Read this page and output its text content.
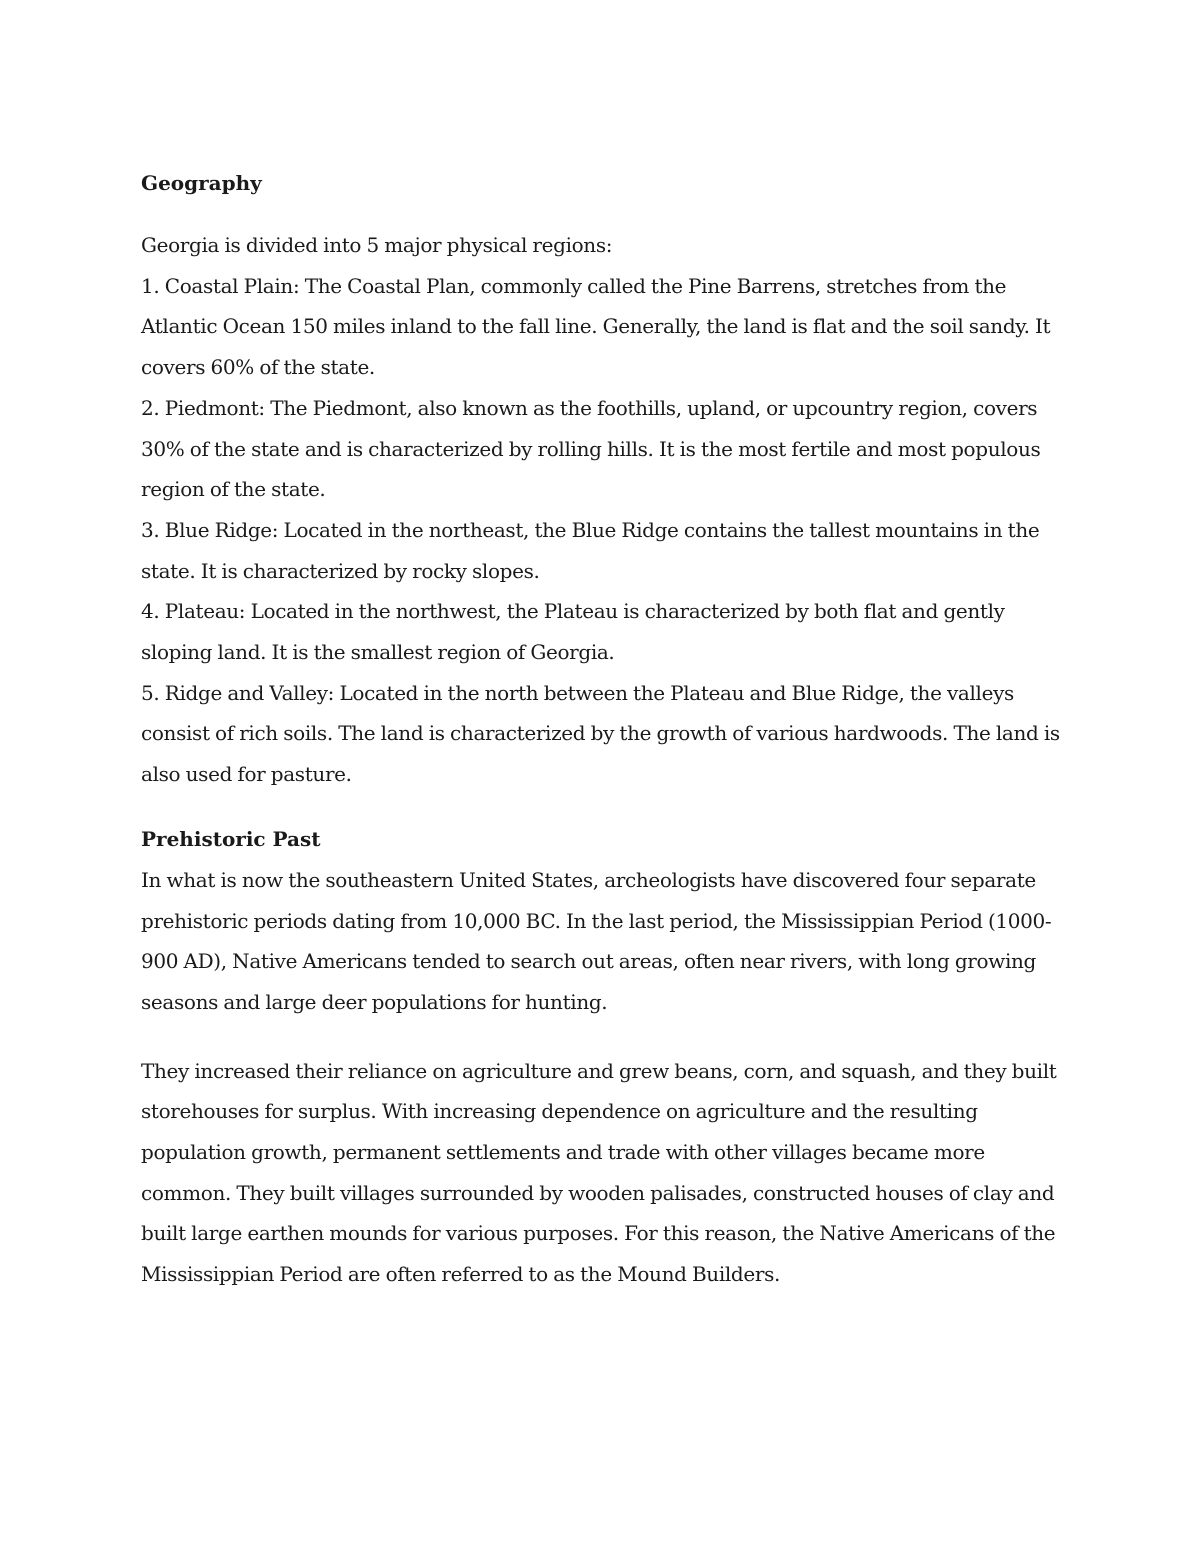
Geography

Georgia is divided into 5 major physical regions:

1. Coastal Plain: The Coastal Plan, commonly called the Pine Barrens, stretches from the Atlantic Ocean 150 miles inland to the fall line. Generally, the land is flat and the soil sandy. It covers 60% of the state.

2. Piedmont: The Piedmont, also known as the foothills, upland, or upcountry region, covers 30% of the state and is characterized by rolling hills. It is the most fertile and most populous region of the state.

3. Blue Ridge: Located in the northeast, the Blue Ridge contains the tallest mountains in the state. It is characterized by rocky slopes.

4. Plateau: Located in the northwest, the Plateau is characterized by both flat and gently sloping land. It is the smallest region of Georgia.

5. Ridge and Valley: Located in the north between the Plateau and Blue Ridge, the valleys consist of rich soils. The land is characterized by the growth of various hardwoods. The land is also used for pasture.

Prehistoric Past

In what is now the southeastern United States, archeologists have discovered four separate prehistoric periods dating from 10,000 BC. In the last period, the Mississippian Period (1000-900 AD), Native Americans tended to search out areas, often near rivers, with long growing seasons and large deer populations for hunting.

They increased their reliance on agriculture and grew beans, corn, and squash, and they built storehouses for surplus. With increasing dependence on agriculture and the resulting population growth, permanent settlements and trade with other villages became more common. They built villages surrounded by wooden palisades, constructed houses of clay and built large earthen mounds for various purposes. For this reason, the Native Americans of the Mississippian Period are often referred to as the Mound Builders.
